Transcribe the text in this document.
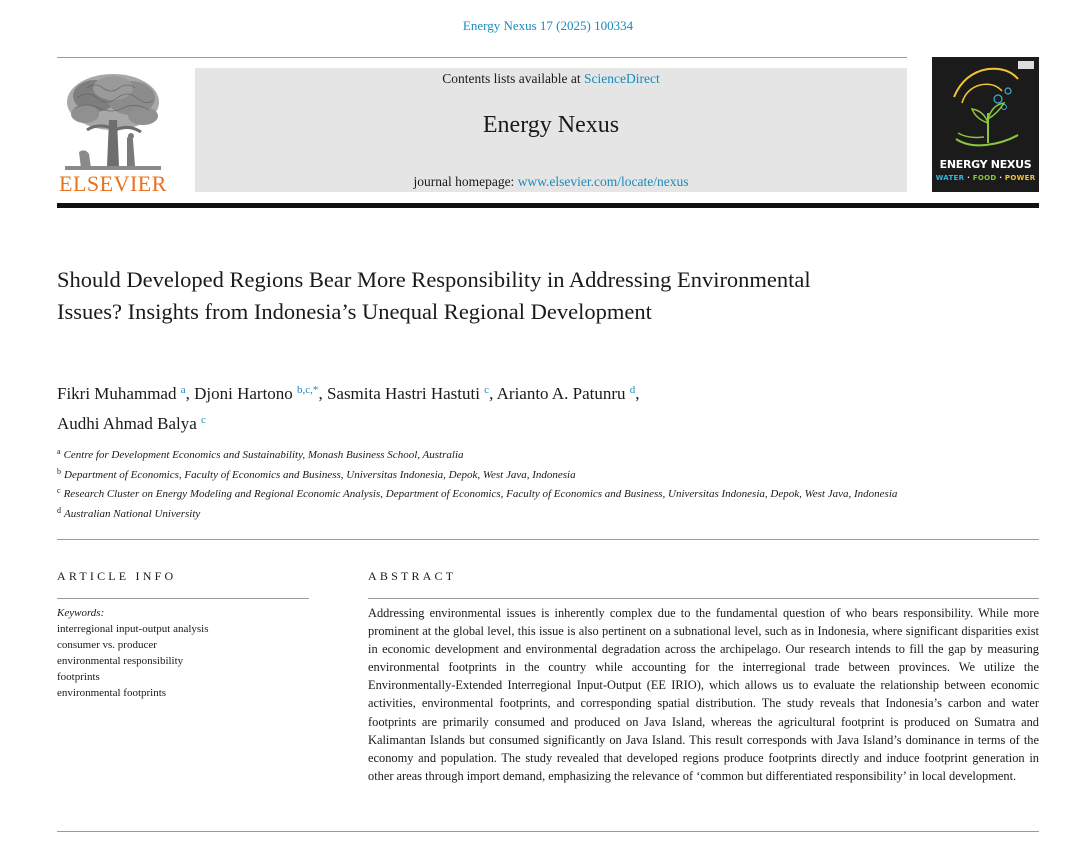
Energy Nexus 17 (2025) 100334
ELSEVIER
Contents lists available at ScienceDirect
Energy Nexus
journal homepage: www.elsevier.com/locate/nexus
ENERGY NEXUS
WATER · FOOD · POWER
Should Developed Regions Bear More Responsibility in Addressing Environmental Issues? Insights from Indonesia’s Unequal Regional Development
Fikri Muhammad $^a$, Djoni Hartono $^{b,c,*}$, Sasmita Hastri Hastuti $^c$, Arianto A. Patunru $^d$,
Audhi Ahmad Balya $^c$
$^a$ Centre for Development Economics and Sustainability, Monash Business School, Australia
$^b$ Department of Economics, Faculty of Economics and Business, Universitas Indonesia, Depok, West Java, Indonesia
$^c$ Research Cluster on Energy Modeling and Regional Economic Analysis, Department of Economics, Faculty of Economics and Business, Universitas Indonesia, Depok, West Java, Indonesia
$^d$ Australian National University
ARTICLE INFO
Keywords:
interregional input-output analysis
consumer vs. producer
environmental responsibility
footprints
environmental footprints
ABSTRACT

Addressing environmental issues is inherently complex due to the fundamental question of who bears responsibility. While more prominent at the global level, this issue is also pertinent on a subnational level, such as in Indonesia, where significant disparities exist in economic development and environmental degradation across the archipelago. Our research intends to fill the gap by measuring environmental footprints in the country while accounting for the interregional trade between provinces. We utilize the Environmentally-Extended Interregional Input-Output (EE IRIO), which allows us to evaluate the relationship between economic activities, environmental footprints, and corresponding spatial distribution. The study reveals that Indonesia’s carbon and water footprints are primarily consumed and produced on Java Island, whereas the agricultural footprint is produced on Sumatra and Kalimantan Islands but consumed significantly on Java Island. This result corresponds with Java Island’s dominance in terms of the economy and population. The study revealed that developed regions produce footprints directly and induce footprint generation in other areas through import demand, emphasizing the relevance of ‘common but differentiated responsibility’ in local development.
